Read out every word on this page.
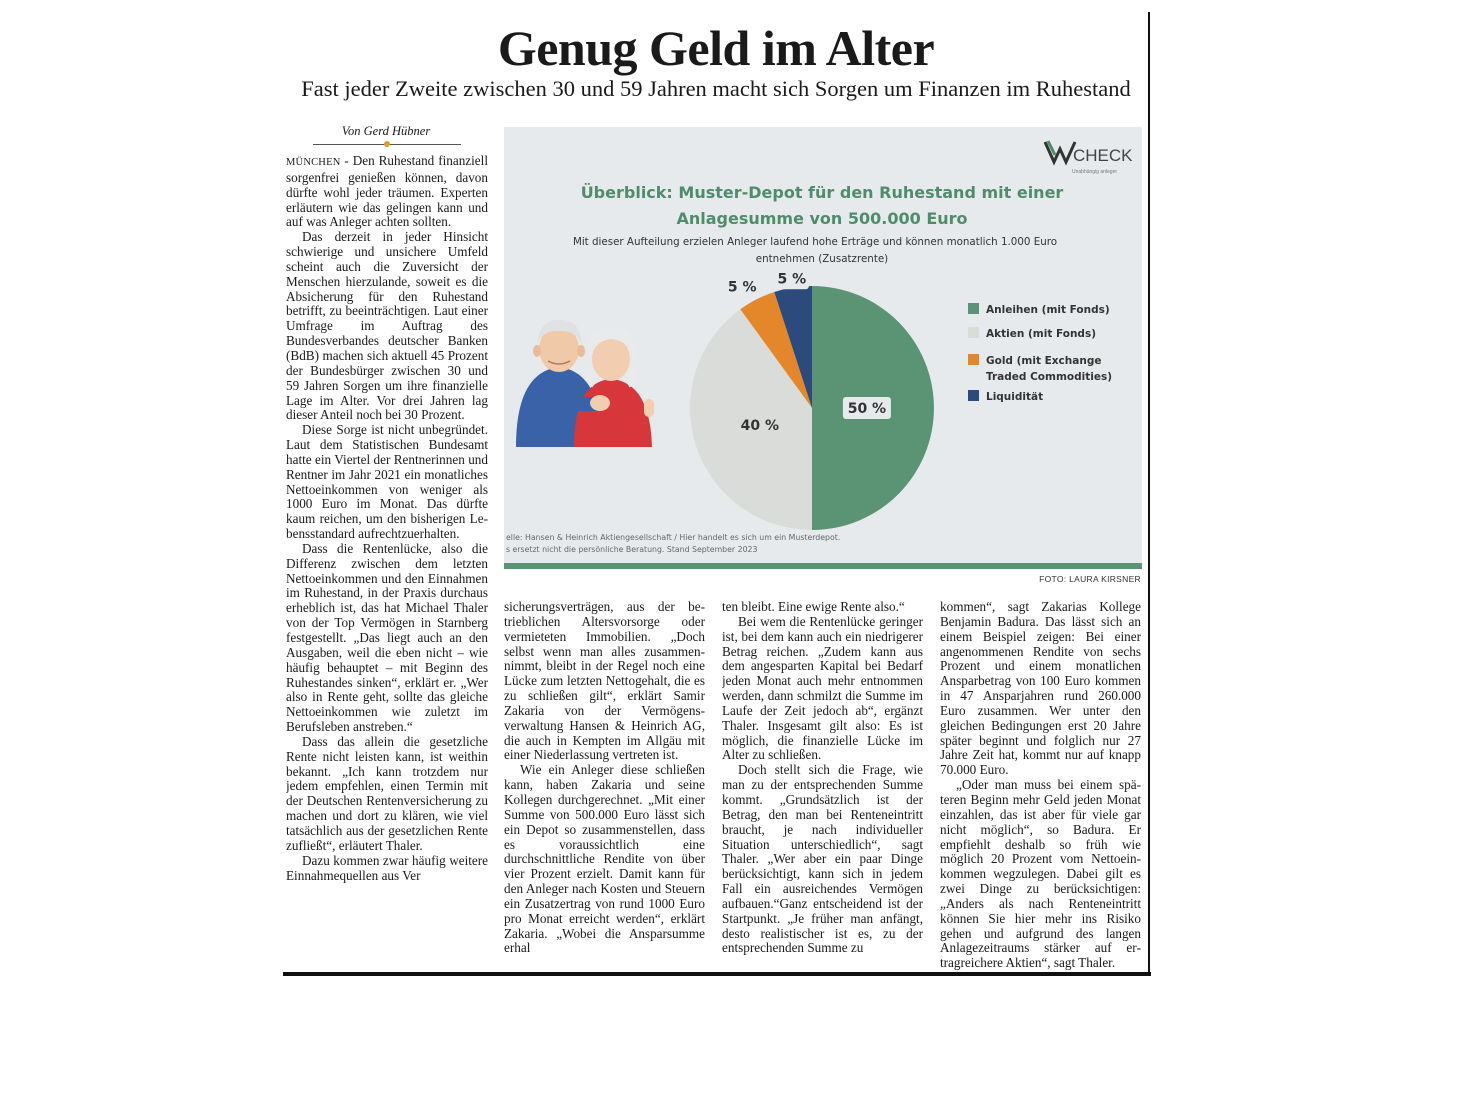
Genug Geld im Alter
Fast jeder Zweite zwischen 30 und 59 Jahren macht sich Sorgen um Finanzen im Ruhestand
Von Gerd Hübner

MÜNCHEN - Den Ruhestand finanziell sorgenfrei genießen können, davon dürfte wohl jeder träumen. Experten erläutern wie das gelingen kann und auf was Anleger achten sollten.

Das derzeit in jeder Hinsicht schwierige und unsichere Umfeld scheint auch die Zuversicht der Menschen hierzulande, soweit es die Absicherung für den Ruhestand betrifft, zu beeinträchtigen. Laut einer Umfrage im Auftrag des Bundesverbandes deutscher Banken (BdB) machen sich aktuell 45 Prozent der Bundesbürger zwischen 30 und 59 Jahren Sorgen um ihre finanzielle Lage im Alter. Vor drei Jahren lag dieser Anteil noch bei 30 Prozent.

Diese Sorge ist nicht unbegründet. Laut dem Statistischen Bundesamt hatte ein Viertel der Rentnerinnen und Rentner im Jahr 2021 ein monatliches Nettoeinkommen von weniger als 1000 Euro im Monat. Das dürfte kaum reichen, um den bisherigen Lebensstandard aufrechtzuerhalten.

Dass die Rentenlücke, also die Differenz zwischen dem letzten Nettoeinkommen und den Einnahmen im Ruhestand, in der Praxis durchaus erheblich ist, das hat Michael Thaler von der Top Vermögen in Starnberg festgestellt. „Das liegt auch an den Ausgaben, weil die eben nicht – wie häufig behauptet – mit Beginn des Ruhestandes sinken“, erklärt er. „Wer also in Rente geht, sollte das gleiche Nettoeinkommen wie zuletzt im Berufsleben anstreben.“

Dass das allein die gesetzliche Rente nicht leisten kann, ist weithin bekannt. „Ich kann trotzdem nur jedem empfehlen, einen Termin mit der Deutschen Rentenversicherung zu machen und dort zu klären, wie viel tatsächlich aus der gesetzlichen Rente zufließt“, erläutert Thaler.

Dazu kommen zwar häufig weitere Einnahmequellen aus Ver

CHECK
Unabhängig anleger
Überblick: Muster-Depot für den Ruhestand mit einer
Anlagesumme von 500.000 Euro
Mit dieser Aufteilung erzielen Anleger laufend hohe Erträge und können monatlich 1.000 Euro
entnehmen (Zusatzrente)
50 %
40 %
5 %
5 %
Anleihen (mit Fonds)
Aktien (mit Fonds)
Gold (mit Exchange
Traded Commodities)
Liquidität
elle: Hansen & Heinrich Aktiengesellschaft / Hier handelt es sich um ein Musterdepot.
s ersetzt nicht die persönliche Beratung. Stand September 2023
FOTO: LAURA KIRSNER

sicherungsverträgen, aus der betrieblichen Altersvorsorge oder vermieteten Immobilien. „Doch selbst wenn man alles zusammennimmt, bleibt in der Regel noch eine Lücke zum letzten Nettogehalt, die es zu schließen gilt“, erklärt Samir Zakaria von der Vermögensverwaltung Hansen & Heinrich AG, die auch in Kempten im Allgäu mit einer Niederlassung vertreten ist.

Wie ein Anleger diese schließen kann, haben Zakaria und seine Kollegen durchgerechnet. „Mit einer Summe von 500.000 Euro lässt sich ein Depot so zusammenstellen, dass es voraussichtlich eine durchschnittliche Rendite von über vier Prozent erzielt. Damit kann für den Anleger nach Kosten und Steuern ein Zusatzertrag von rund 1000 Euro pro Monat erreicht werden“, erklärt Zakaria. „Wobei die Ansparsumme erhal

ten bleibt. Eine ewige Rente also.“

Bei wem die Rentenlücke geringer ist, bei dem kann auch ein niedrigerer Betrag reichen. „Zudem kann aus dem angesparten Kapital bei Bedarf jeden Monat auch mehr entnommen werden, dann schmilzt die Summe im Laufe der Zeit jedoch ab“, ergänzt Thaler. Insgesamt gilt also: Es ist möglich, die finanzielle Lücke im Alter zu schließen.

Doch stellt sich die Frage, wie man zu der entsprechenden Summe kommt. „Grundsätzlich ist der Betrag, den man bei Renteneintritt braucht, je nach individueller Situation unterschiedlich“, sagt Thaler. „Wer aber ein paar Dinge berücksichtigt, kann sich in jedem Fall ein ausreichendes Vermögen aufbauen.“Ganz entscheidend ist der Startpunkt. „Je früher man anfängt, desto realistischer ist es, zu der entsprechenden Summe zu

kommen“, sagt Zakarias Kollege Benjamin Badura. Das lässt sich an einem Beispiel zeigen: Bei einer angenommenen Rendite von sechs Prozent und einem monatlichen Ansparbetrag von 100 Euro kommen in 47 Ansparjahren rund 260.000 Euro zusammen. Wer unter den gleichen Bedingungen erst 20 Jahre später beginnt und folglich nur 27 Jahre Zeit hat, kommt nur auf knapp 70.000 Euro.

„Oder man muss bei einem späteren Beginn mehr Geld jeden Monat einzahlen, das ist aber für viele gar nicht möglich“, so Badura. Er empfiehlt deshalb so früh wie möglich 20 Prozent vom Nettoeinkommen wegzulegen. Dabei gilt es zwei Dinge zu berücksichtigen: „Anders als nach Renteneintritt können Sie hier mehr ins Risiko gehen und aufgrund des langen Anlagezeitraums stärker auf ertragreichere Aktien“, sagt Thaler.
